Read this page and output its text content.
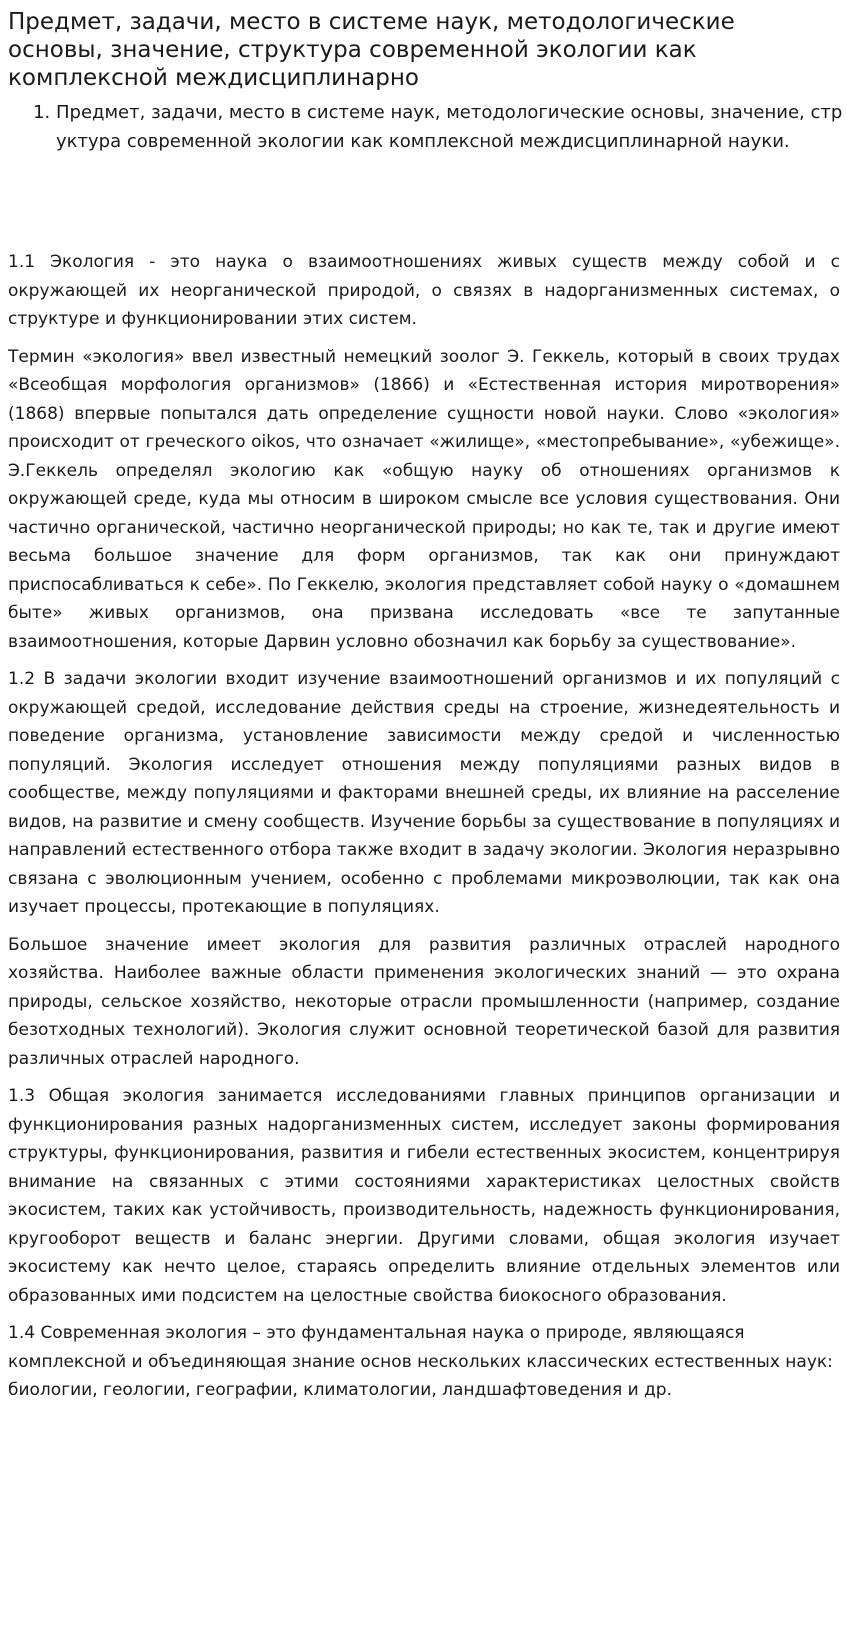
Предмет, задачи, место в системе наук, методологические основы, значение, структура современной экологии как комплексной междисциплинарно
1. Предмет, задачи, место в системе наук, методологические основы, значение, структура современной экологии как комплексной междисциплинарной науки.

1.1 Экология - это наука о взаимоотношениях живых существ между собой и с окружающей их неорганической природой, о связях в надорганизменных системах, о структуре и функционировании этих систем.

Термин «экология» ввел известный немецкий зоолог Э. Геккель, который в своих трудах «Всеобщая морфология организмов» (1866) и «Естественная история миротворения» (1868) впервые попытался дать определение сущности новой науки. Слово «экология» происходит от греческого oikos, что означает «жилище», «местопребывание», «убежище». Э.Геккель определял экологию как «общую науку об отношениях организмов к окружающей среде, куда мы относим в широком смысле все условия существования. Они частично органической, частично неорганической природы; но как те, так и другие имеют весьма большое значение для форм организмов, так как они принуждают приспосабливаться к себе». По Геккелю, экология представляет собой науку о «домашнем быте» живых организмов, она призвана исследовать «все те запутанные взаимоотношения, которые Дарвин условно обозначил как борьбу за существование».

1.2 В задачи экологии входит изучение взаимоотношений организмов и их популяций с окружающей средой, исследование действия среды на строение, жизнедеятельность и поведение организма, установление зависимости между средой и численностью популяций. Экология исследует отношения между популяциями разных видов в сообществе, между популяциями и факторами внешней среды, их влияние на расселение видов, на развитие и смену сообществ. Изучение борьбы за существование в популяциях и направлений естественного отбора также входит в задачу экологии. Экология неразрывно связана с эволюционным учением, особенно с проблемами микроэволюции, так как она изучает процессы, протекающие в популяциях.

Большое значение имеет экология для развития различных отраслей народного хозяйства. Наиболее важные области применения экологических знаний — это охрана природы, сельское хозяйство, некоторые отрасли промышленности (например, создание безотходных технологий). Экология служит основной теоретической базой для развития различных отраслей народного.

1.3 Общая экология занимается исследованиями главных принципов организации и функционирования разных надорганизменных систем, исследует законы формирования структуры, функционирования, развития и гибели естественных экосистем, концентрируя внимание на связанных с этими состояниями характеристиках целостных свойств экосистем, таких как устойчивость, производительность, надежность функционирования, кругооборот веществ и баланс энергии. Другими словами, общая экология изучает экосистему как нечто целое, стараясь определить влияние отдельных элементов или образованных ими подсистем на целостные свойства биокосного образования.

1.4 Современная экология – это фундаментальная наука о природе, являющаяся комплексной и объединяющая знание основ нескольких классических естественных наук: биологии, геологии, географии, климатологии, ландшафтоведения и др.
